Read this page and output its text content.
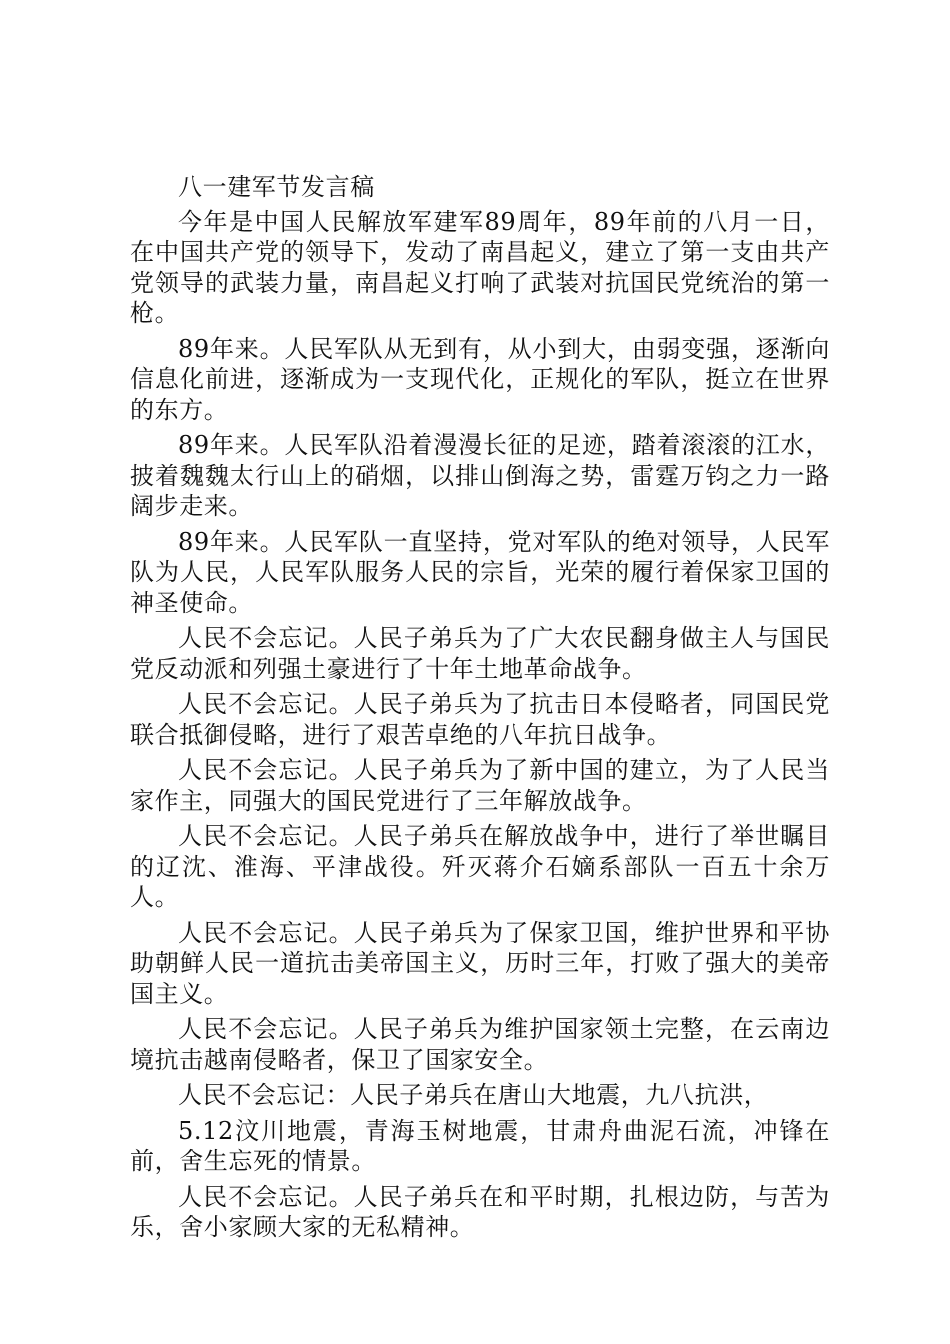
八一建军节发言稿

今年是中国人民解放军建军89周年，89年前的八月一日，在中国共产党的领导下，发动了南昌起义，建立了第一支由共产党领导的武装力量，南昌起义打响了武装对抗国民党统治的第一枪。

89年来。人民军队从无到有，从小到大，由弱变强，逐渐向信息化前进，逐渐成为一支现代化，正规化的军队，挺立在世界的东方。

89年来。人民军队沿着漫漫长征的足迹，踏着滚滚的江水，披着魏魏太行山上的硝烟，以排山倒海之势，雷霆万钧之力一路阔步走来。

89年来。人民军队一直坚持，党对军队的绝对领导，人民军队为人民，人民军队服务人民的宗旨，光荣的履行着保家卫国的神圣使命。

人民不会忘记。人民子弟兵为了广大农民翻身做主人与国民党反动派和列强土豪进行了十年土地革命战争。

人民不会忘记。人民子弟兵为了抗击日本侵略者，同国民党联合抵御侵略，进行了艰苦卓绝的八年抗日战争。

人民不会忘记。人民子弟兵为了新中国的建立，为了人民当家作主，同强大的国民党进行了三年解放战争。

人民不会忘记。人民子弟兵在解放战争中，进行了举世瞩目的辽沈、淮海、平津战役。歼灭蒋介石嫡系部队一百五十余万人。

人民不会忘记。人民子弟兵为了保家卫国，维护世界和平协助朝鲜人民一道抗击美帝国主义，历时三年，打败了强大的美帝国主义。

人民不会忘记。人民子弟兵为维护国家领土完整，在云南边境抗击越南侵略者，保卫了国家安全。

人民不会忘记：人民子弟兵在唐山大地震，九八抗洪，

5.12汶川地震，青海玉树地震，甘肃舟曲泥石流，冲锋在前，舍生忘死的情景。

人民不会忘记。人民子弟兵在和平时期，扎根边防，与苦为乐，舍小家顾大家的无私精神。
